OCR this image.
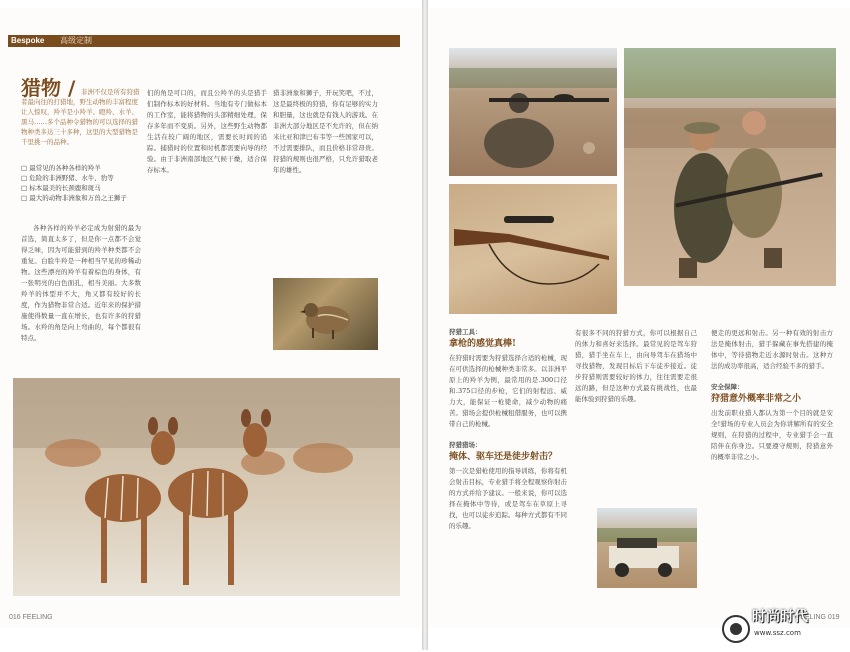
Bespoke 高级定制
猎物 / 非洲不仅是所有狩猎者最向往的打猎地，野生动物的丰富程度让人惊叹，羚羊是小羚羊、瞪羚、水羊、黑马……多个品种令猎物的可以选择的猎物种类多达三十多种，这里的大型猎物是千里挑一的品种。

□ 最常见的各种各样的羚羊
□ 危险的非洲野猪、水牛、豹等
□ 标本最美的长颈鹿和斑马
□ 最大的动物非洲象和万兽之王狮子

各种各样的羚羊必定成为射猎的最为首选，简直太多了，但是你一点都不会觉得乏味，因为可能猎到的羚羊种类都不会重复。白脸牛羚是一种相当罕见的珍稀动物。这些漂亮的羚羊有着棕色的身体，有一张明亮的白色面孔，相当美丽。大多数羚羊的体型并不大，角又都有较好的长度，作为猎物非常合适。近年来的保护措施使得数量一直在增长，也有许多的狩猎场。水羚的角是向上弯曲的，每个都很有特点。

们的角是可口的，而且公羚羊的头是猎手们制作标本的好材料。当地有专门做标本的工作室，能将猎物的头部精细处理，保存多年而不变质。另外，这些野生动物都生活在较广阔的地区，需要长时间的追踪。捕猎时的位置和时机都需要向导的经验。由于非洲南部地区气候干燥，适合保存标本。

猎非洲象和狮子，开玩笑吧，不过，这是最终极的狩猎，你有足够的实力和胆量，这也就是有钱人的游戏。在非洲大部分地区是不允许的，但在纳米比亚和津巴布韦等一些国家可以，不过需要排队，而且价格非常昂贵。狩猎的规则也很严格，只允许猎取老年的雄性。

016 FEELING
狩猎工具：
拿枪的感觉真棒!
在狩猎时需要为狩猎选择合适的枪械，现在可供选择的枪械种类非常多。以非洲平原上的羚羊为例，最常用的是.300口径和.375口径的步枪，它们的射程远、威力大，能保证一枪毙命，减少动物的痛苦。猎场会提供枪械租借服务，也可以携带自己的枪械。

狩猎猎场：
掩体、驱车还是徒步射击？
第一次是猎枪使用的指导训练，你将有机会射击目标，专业猎手将全程观察你射击的方式并给予建议。一般来说，你可以选择在掩体中等待，或是驾车在草原上寻找，也可以徒步追踪。每种方式都有不同的乐趣。

有很多不同的狩猎方式，你可以根据自己的体力和喜好来选择。最常见的是驾车狩猎，猎手坐在车上，由向导驾车在猎场中寻找猎物，发现目标后下车徒步接近。徒步狩猎则需要较好的体力，往往需要走很远的路，但是这种方式最有挑战性，也最能体验到狩猎的乐趣。

便走的更远和射击。另一种有效的射击方法是掩体射击，猎手躲藏在事先搭建的掩体中，等待猎物走近水源时射击。这种方法的成功率很高，适合经验不多的猎手。

安全保障：
狩猎意外概率非常之小
出发前职业猎人都认为第一个目的就是安全!猎场的专业人员会为你讲解所有的安全规则，在狩猎的过程中，专业猎手会一直陪伴在你身边。只要遵守规则，狩猎意外的概率非常之小。
FEELING 019
时尚时代
www.ssz.com
